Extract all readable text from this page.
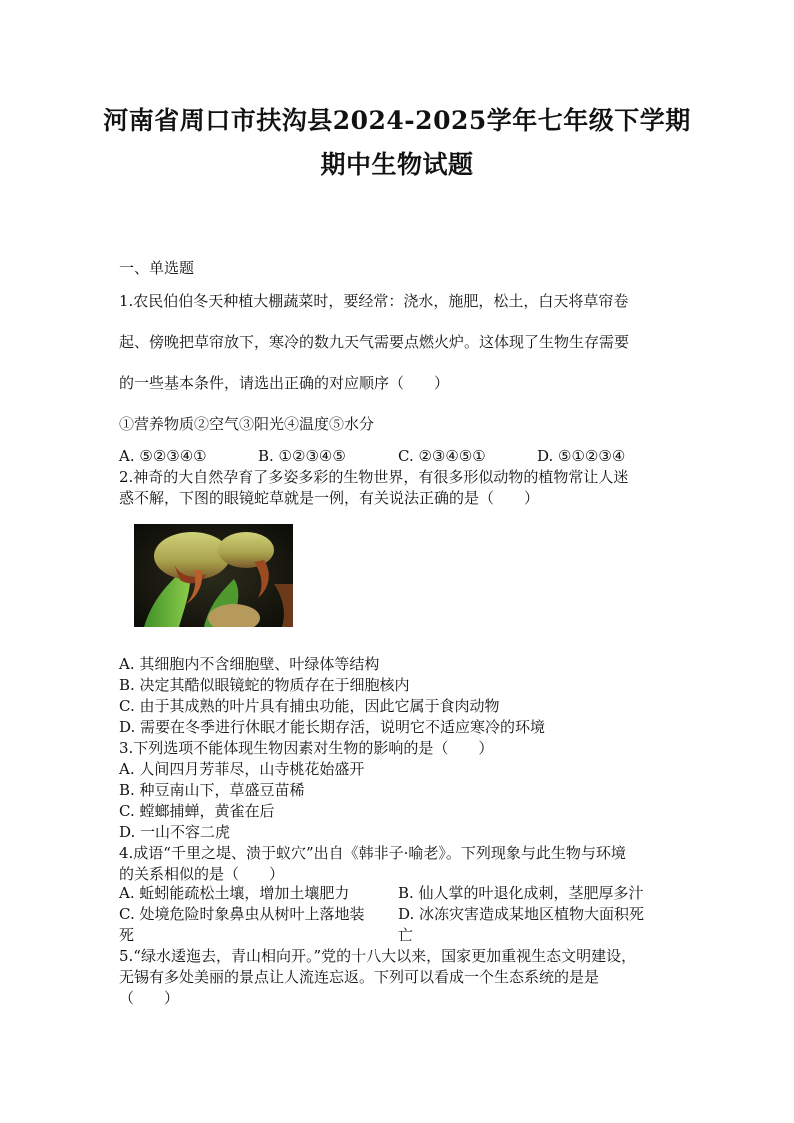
河南省周口市扶沟县2024-2025学年七年级下学期
期中生物试题
一、单选题
1.农民伯伯冬天种植大棚蔬菜时，要经常：浇水，施肥，松土，白天将草帘卷
起、傍晚把草帘放下，寒冷的数九天气需要点燃火炉。这体现了生物生存需要
的一些基本条件，请选出正确的对应顺序（　　）
①营养物质②空气③阳光④温度⑤水分
A. ⑤②③④①	B. ①②③④⑤	C. ②③④⑤①	D. ⑤①②③④
2.神奇的大自然孕育了多姿多彩的生物世界，有很多形似动物的植物常让人迷
惑不解，下图的眼镜蛇草就是一例，有关说法正确的是（　　）
A. 其细胞内不含细胞壁、叶绿体等结构
B. 决定其酷似眼镜蛇的物质存在于细胞核内
C. 由于其成熟的叶片具有捕虫功能，因此它属于食肉动物
D. 需要在冬季进行休眠才能长期存活，说明它不适应寒冷的环境
3.下列选项不能体现生物因素对生物的影响的是（　　）
A. 人间四月芳菲尽，山寺桃花始盛开
B. 种豆南山下，草盛豆苗稀
C. 螳螂捕蝉，黄雀在后
D. 一山不容二虎
4.成语“千里之堤、溃于蚁穴”出自《韩非子·喻老》。下列现象与此生物与环境
的关系相似的是（　　）
A. 蚯蚓能疏松土壤，增加土壤肥力	B. 仙人掌的叶退化成刺，茎肥厚多汁
C. 处境危险时象鼻虫从树叶上落地装 D. 冰冻灾害造成某地区植物大面积死
死	亡
5.“绿水逶迤去，青山相向开。”党的十八大以来，国家更加重视生态文明建设，
无锡有多处美丽的景点让人流连忘返。下列可以看成一个生态系统的是是
（　　）
